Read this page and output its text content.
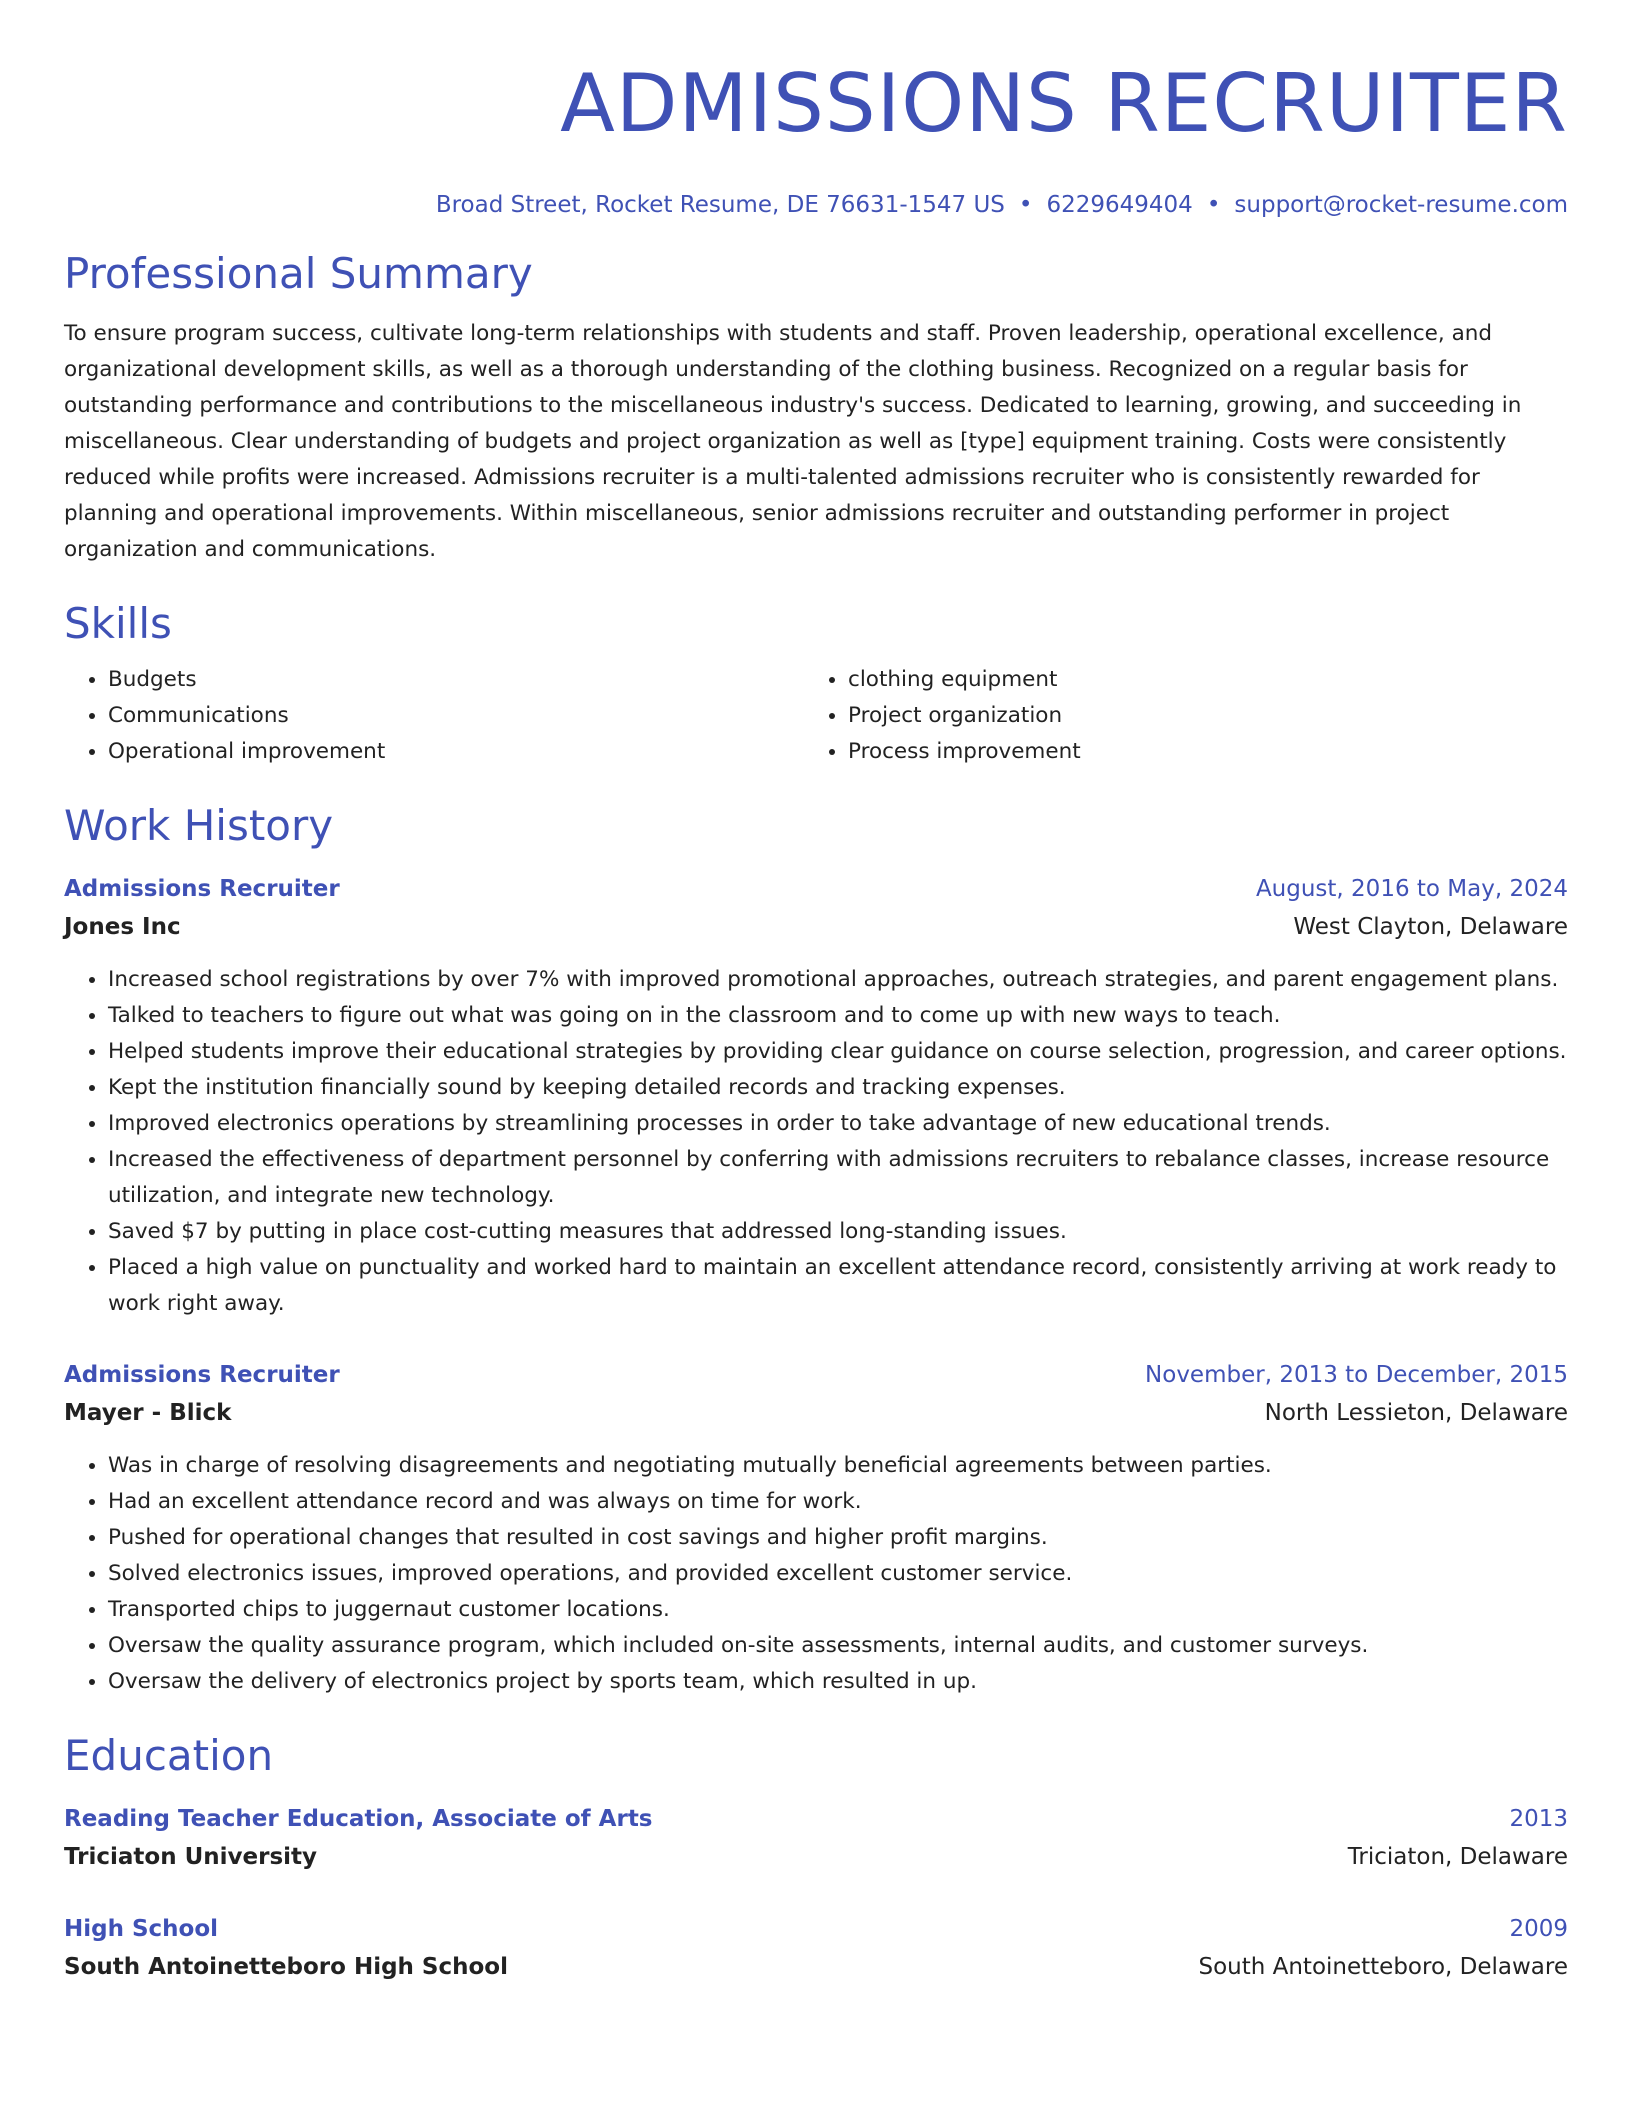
ADMISSIONS RECRUITER
Broad Street, Rocket Resume, DE 76631-1547 US • 6229649404 • support@rocket-resume.com
Professional Summary

To ensure program success, cultivate long-term relationships with students and staff. Proven leadership, operational excellence, and organizational development skills, as well as a thorough understanding of the clothing business. Recognized on a regular basis for outstanding performance and contributions to the miscellaneous industry's success. Dedicated to learning, growing, and succeeding in miscellaneous. Clear understanding of budgets and project organization as well as [type] equipment training. Costs were consistently reduced while profits were increased. Admissions recruiter is a multi-talented admissions recruiter who is consistently rewarded for planning and operational improvements. Within miscellaneous, senior admissions recruiter and outstanding performer in project organization and communications.

Skills
• Budgets
• Communications
• Operational improvement
• clothing equipment
• Project organization
• Process improvement
Work History
Admissions Recruiter	August, 2016 to May, 2024
Jones Inc	West Clayton, Delaware
• Increased school registrations by over 7% with improved promotional approaches, outreach strategies, and parent engagement plans.
• Talked to teachers to figure out what was going on in the classroom and to come up with new ways to teach.
• Helped students improve their educational strategies by providing clear guidance on course selection, progression, and career options.
• Kept the institution financially sound by keeping detailed records and tracking expenses.
• Improved electronics operations by streamlining processes in order to take advantage of new educational trends.
• Increased the effectiveness of department personnel by conferring with admissions recruiters to rebalance classes, increase resource utilization, and integrate new technology.
• Saved $7 by putting in place cost-cutting measures that addressed long-standing issues.
• Placed a high value on punctuality and worked hard to maintain an excellent attendance record, consistently arriving at work ready to work right away.
Admissions Recruiter	November, 2013 to December, 2015
Mayer - Blick	North Lessieton, Delaware
• Was in charge of resolving disagreements and negotiating mutually beneficial agreements between parties.
• Had an excellent attendance record and was always on time for work.
• Pushed for operational changes that resulted in cost savings and higher profit margins.
• Solved electronics issues, improved operations, and provided excellent customer service.
• Transported chips to juggernaut customer locations.
• Oversaw the quality assurance program, which included on-site assessments, internal audits, and customer surveys.
• Oversaw the delivery of electronics project by sports team, which resulted in up.
Education
Reading Teacher Education, Associate of Arts	2013
Triciaton University	Triciaton, Delaware
High School	2009
South Antoinetteboro High School	South Antoinetteboro, Delaware
